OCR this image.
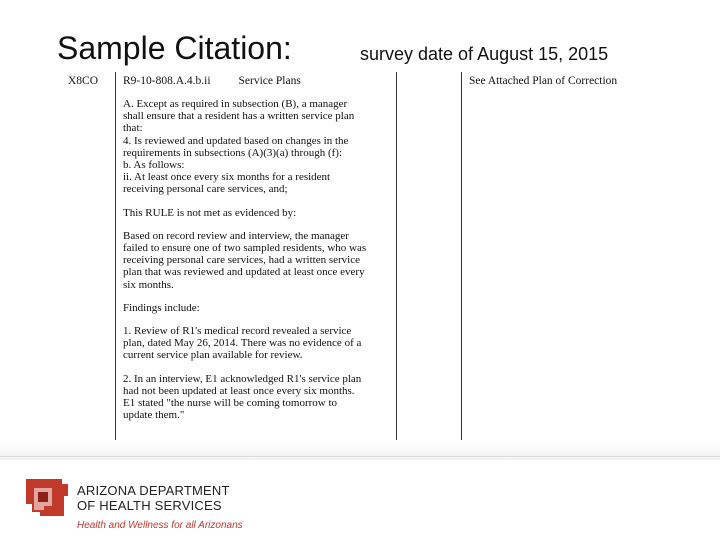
Sample Citation:	survey date of August 15, 2015
X8CO R9-10-808.A.4.b.ii Service Plans	See Attached Plan of Correction

A. Except as required in subsection (B), a manager
shall ensure that a resident has a written service plan
that:
4. Is reviewed and updated based on changes in the
requirements in subsections (A)(3)(a) through (f):
b. As follows:
ii. At least once every six months for a resident
receiving personal care services, and;

This RULE is not met as evidenced by:

Based on record review and interview, the manager
failed to ensure one of two sampled residents, who was
receiving personal care services, had a written service
plan that was reviewed and updated at least once every
six months.

Findings include:

1. Review of R1's medical record revealed a service
plan, dated May 26, 2014. There was no evidence of a
current service plan available for review.

2. In an interview, E1 acknowledged R1's service plan
had not been updated at least once every six months.
E1 stated "the nurse will be coming tomorrow to
update them."

ARIZONA DEPARTMENT
OF HEALTH SERVICES
Health and Wellness for all Arizonans
